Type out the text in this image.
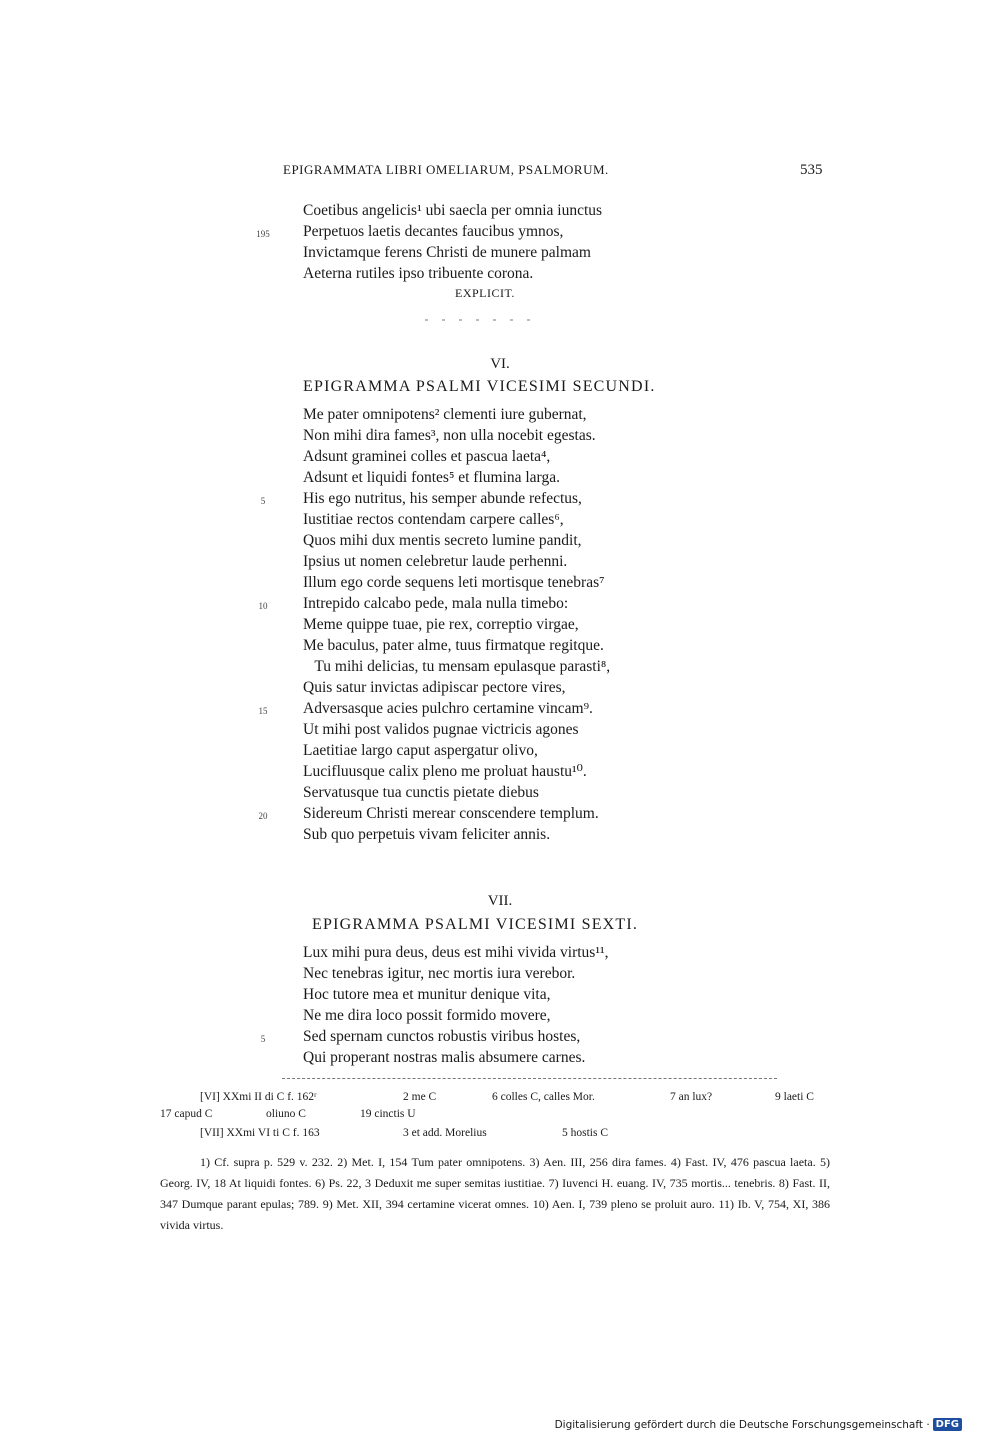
EPIGRAMMATA LIBRI OMELIARUM, PSALMORUM.	535
Coetibus angelicis¹ ubi saecla per omnia iunctus
195	Perpetuos laetis decantes faucibus ymnos,
Invictamque ferens Christi de munere palmam
Aeterna rutiles ipso tribuente corona.
EXPLICIT.
VI.
EPIGRAMMA PSALMI VICESIMI SECUNDI.
Me pater omnipotens² clementi iure gubernat,
Non mihi dira fames³, non ulla nocebit egestas.
Adsunt graminei colles et pascua laeta⁴,
Adsunt et liquidi fontes⁵ et flumina larga.
5	His ego nutritus, his semper abunde refectus,
Iustitiae rectos contendam carpere calles⁶,
Quos mihi dux mentis secreto lumine pandit,
Ipsius ut nomen celebretur laude perhenni.
Illum ego corde sequens leti mortisque tenebras⁷
10	Intrepido calcabo pede, mala nulla timebo:
Meme quippe tuae, pie rex, correptio virgae,
Me baculus, pater alme, tuus firmatque regitque.
Tu mihi delicias, tu mensam epulasque parasti⁸,
Quis satur invictas adipiscar pectore vires,
15	Adversasque acies pulchro certamine vincam⁹.
Ut mihi post validos pugnae victricis agones
Laetitiae largo caput aspergatur olivo,
Lucifluusque calix pleno me proluat haustu¹⁰.
Servatusque tua cunctis pietate diebus
20	Sidereum Christi merear conscendere templum.
Sub quo perpetuis vivam feliciter annis.
VII.
EPIGRAMMA PSALMI VICESIMI SEXTI.
Lux mihi pura deus, deus est mihi vivida virtus¹¹,
Nec tenebras igitur, nec mortis iura verebor.
Hoc tutore mea et munitur denique vita,
Ne me dira loco possit formido movere,
5	Sed spernam cunctos robustis viribus hostes,
Qui properant nostras malis absumere carnes.
[VI] XXmi II di C f. 162ʳ	2 me C	6 colles C, calles Mor.	7 an lux?	9 laeti C
17 capud C	oliuno C	19 cinctis U
[VII] XXmi VI ti C f. 163	3 et add. Morelius	5 hostis C

1) Cf. supra p. 529 v. 232. 2) Met. I, 154 Tum pater omnipotens. 3) Aen. III, 256 dira fames. 4) Fast. IV, 476 pascua laeta. 5) Georg. IV, 18 At liquidi fontes. 6) Ps. 22, 3 Deduxit me super semitas iustitiae. 7) Iuvenci H. euang. IV, 735 mortis... tenebris. 8) Fast. II, 347 Dumque parant epulas; 789. 9) Met. XII, 394 certamine vicerat omnes. 10) Aen. I, 739 pleno se proluit auro. 11) Ib. V, 754, XI, 386 vivida virtus.

Digitalisierung gefördert durch die Deutsche Forschungsgemeinschaft · DFG
